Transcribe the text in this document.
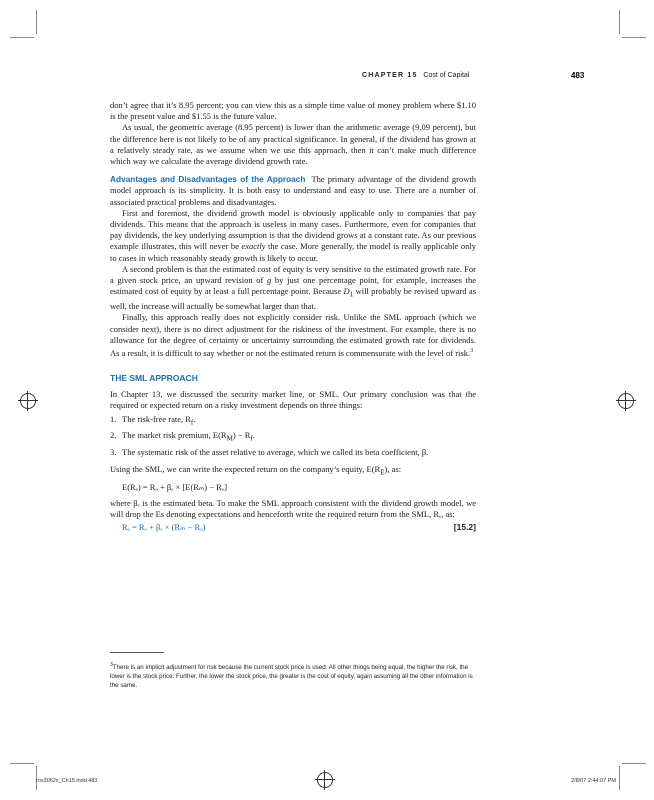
CHAPTER 15 Cost of Capital	483

don’t agree that it’s 8.95 percent; you can view this as a simple time value of money problem where $1.10 is the present value and $1.55 is the future value.

As usual, the geometric average (8.95 percent) is lower than the arithmetic average (9.09 percent), but the difference here is not likely to be of any practical significance. In general, if the dividend has grown at a relatively steady rate, as we assume when we use this approach, then it can’t make much difference which way we calculate the average dividend growth rate.

Advantages and Disadvantages of the Approach The primary advantage of the dividend growth model approach is its simplicity. It is both easy to understand and easy to use. There are a number of associated practical problems and disadvantages.

First and foremost, the dividend growth model is obviously applicable only to companies that pay dividends. This means that the approach is useless in many cases. Furthermore, even for companies that pay dividends, the key underlying assumption is that the dividend grows at a constant rate. As our previous example illustrates, this will never be exactly the case. More generally, the model is really applicable only to cases in which reasonably steady growth is likely to occur.

A second problem is that the estimated cost of equity is very sensitive to the estimated growth rate. For a given stock price, an upward revision of g by just one percentage point, for example, increases the estimated cost of equity by at least a full percentage point. Because $D_1$ will probably be revised upward as well, the increase will actually be somewhat larger than that.

Finally, this approach really does not explicitly consider risk. Unlike the SML approach (which we consider next), there is no direct adjustment for the riskiness of the investment. For example, there is no allowance for the degree of certainty or uncertainty surrounding the estimated growth rate for dividends. As a result, it is difficult to say whether or not the estimated return is commensurate with the level of risk.$^3$

THE SML APPROACH

In Chapter 13, we discussed the security market line, or SML. Our primary conclusion was that the required or expected return on a risky investment depends on three things:

1. The risk-free rate, $R_f$.
2. The market risk premium, $E(R_M) - R_f$.
3. The systematic risk of the asset relative to average, which we called its beta coefficient, β.

Using the SML, we can write the expected return on the company’s equity, $E(R_E)$, as:

E(Rₑ) = Rₒ + βₑ × [E(Rₘ) − Rₒ]

where βₑ is the estimated beta. To make the SML approach consistent with the dividend growth model, we will drop the Es denoting expectations and henceforth write the required return from the SML, Rₑ, as:

Rₑ = Rₒ + βₑ × (Rₘ − Rₒ)	[15.2]
$^3$There is an implicit adjustment for risk because the current stock price is used. All other things being equal, the higher the risk, the lower is the stock price. Further, the lower the stock price, the greater is the cost of equity, again assuming all the other information is the same.
ros3062x_Ch15.indd 483	2/8/07 2:44:07 PM
